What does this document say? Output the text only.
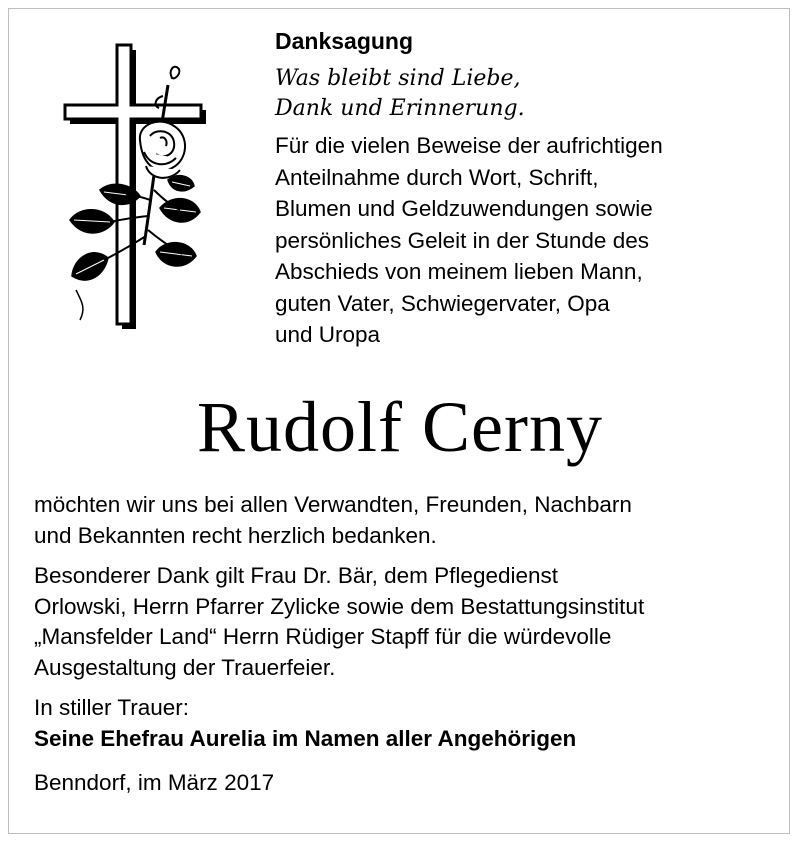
Danksagung
Was bleibt sind Liebe,
Dank und Erinnerung.
Für die vielen Beweise der aufrichtigen
Anteilnahme durch Wort, Schrift,
Blumen und Geldzuwendungen sowie
persönliches Geleit in der Stunde des
Abschieds von meinem lieben Mann,
guten Vater, Schwiegervater, Opa
und Uropa
Rudolf Cerny
möchten wir uns bei allen Verwandten, Freunden, Nachbarn
und Bekannten recht herzlich bedanken.
Besonderer Dank gilt Frau Dr. Bär, dem Pflegedienst
Orlowski, Herrn Pfarrer Zylicke sowie dem Bestattungsinstitut
„Mansfelder Land“ Herrn Rüdiger Stapff für die würdevolle
Ausgestaltung der Trauerfeier.
In stiller Trauer:
Seine Ehefrau Aurelia im Namen aller Angehörigen
Benndorf, im März 2017
